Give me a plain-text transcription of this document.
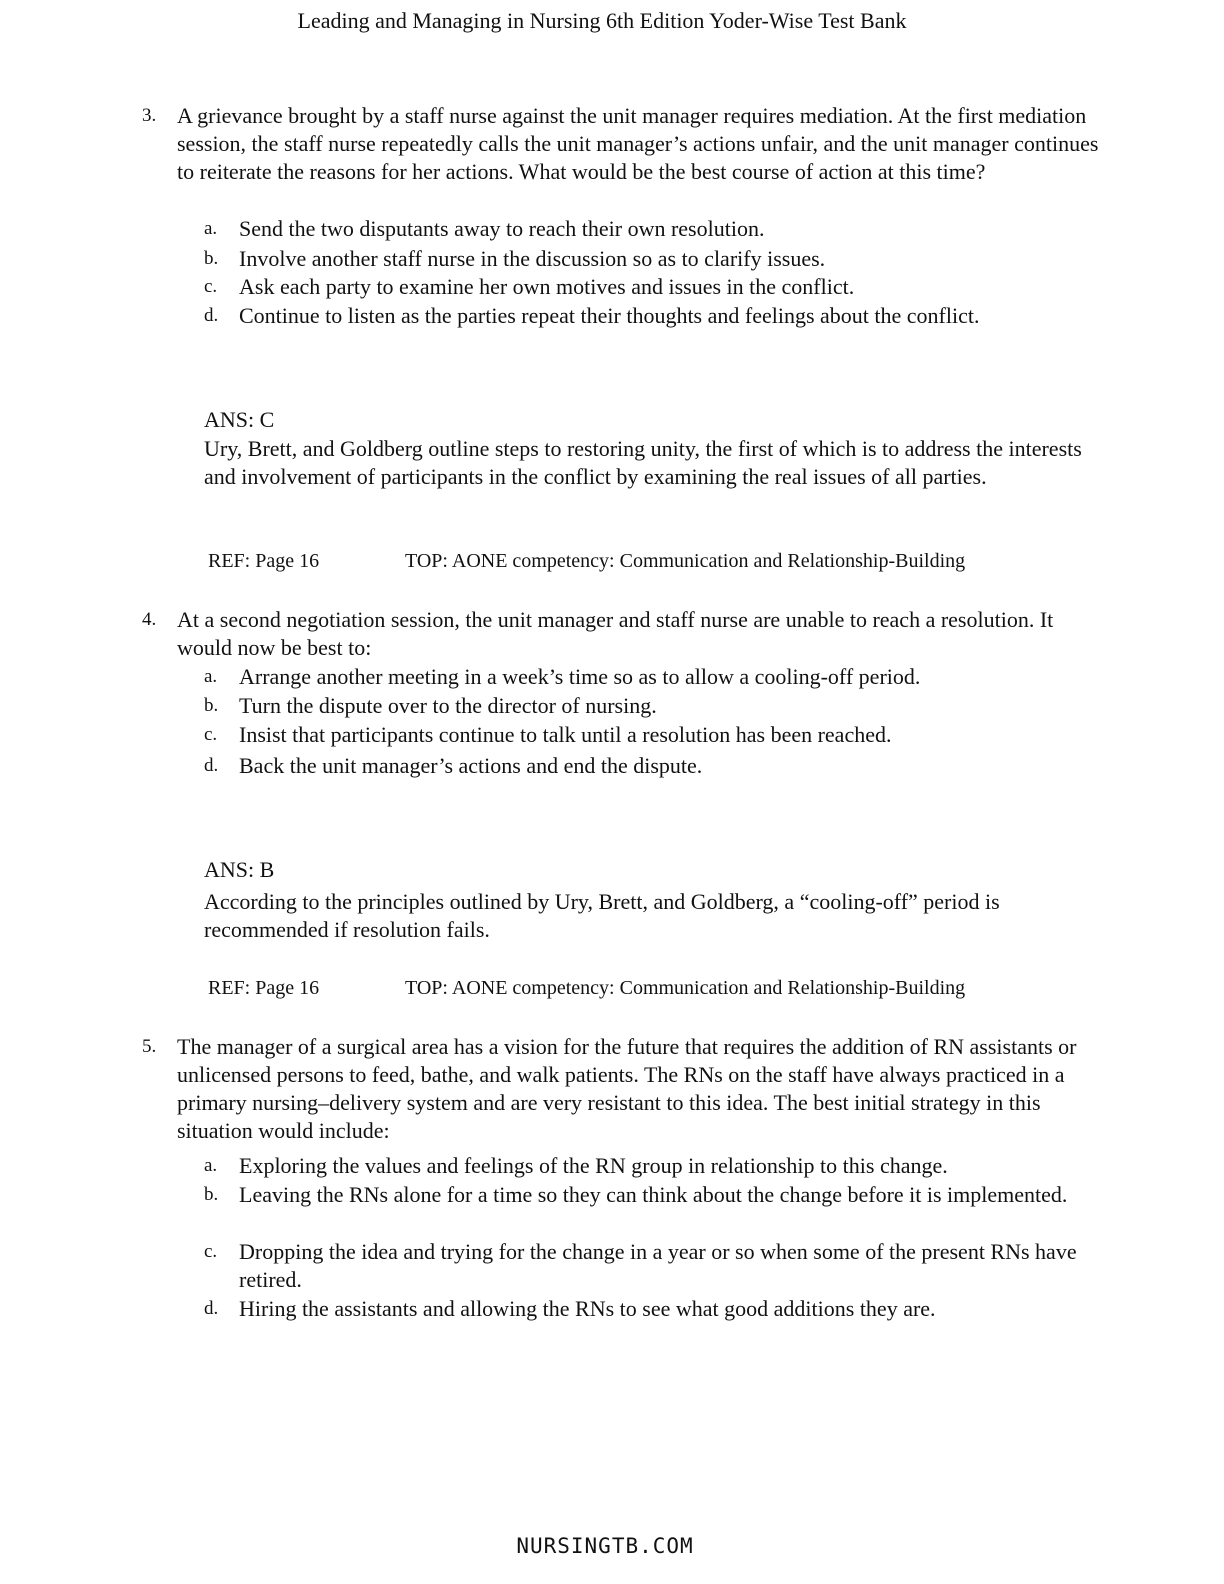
Leading and Managing in Nursing 6th Edition Yoder-Wise Test Bank
3. A grievance brought by a staff nurse against the unit manager requires mediation. At the first mediation session, the staff nurse repeatedly calls the unit manager’s actions unfair, and the unit manager continues to reiterate the reasons for her actions. What would be the best course of action at this time?
a. Send the two disputants away to reach their own resolution.
b. Involve another staff nurse in the discussion so as to clarify issues.
c. Ask each party to examine her own motives and issues in the conflict.
d. Continue to listen as the parties repeat their thoughts and feelings about the conflict.
ANS: C
Ury, Brett, and Goldberg outline steps to restoring unity, the first of which is to address the interests and involvement of participants in the conflict by examining the real issues of all parties.
REF: Page 16	TOP: AONE competency: Communication and Relationship-Building
4. At a second negotiation session, the unit manager and staff nurse are unable to reach a resolution. It would now be best to:
a. Arrange another meeting in a week’s time so as to allow a cooling-off period.
b. Turn the dispute over to the director of nursing.
c. Insist that participants continue to talk until a resolution has been reached.
d. Back the unit manager’s actions and end the dispute.
ANS: B
According to the principles outlined by Ury, Brett, and Goldberg, a “cooling-off” period is recommended if resolution fails.
REF: Page 16	TOP: AONE competency: Communication and Relationship-Building
5. The manager of a surgical area has a vision for the future that requires the addition of RN assistants or unlicensed persons to feed, bathe, and walk patients. The RNs on the staff have always practiced in a primary nursing–delivery system and are very resistant to this idea. The best initial strategy in this situation would include:
a. Exploring the values and feelings of the RN group in relationship to this change.
b. Leaving the RNs alone for a time so they can think about the change before it is implemented.
c. Dropping the idea and trying for the change in a year or so when some of the present RNs have retired.
d. Hiring the assistants and allowing the RNs to see what good additions they are.
NURSINGTB.COM
